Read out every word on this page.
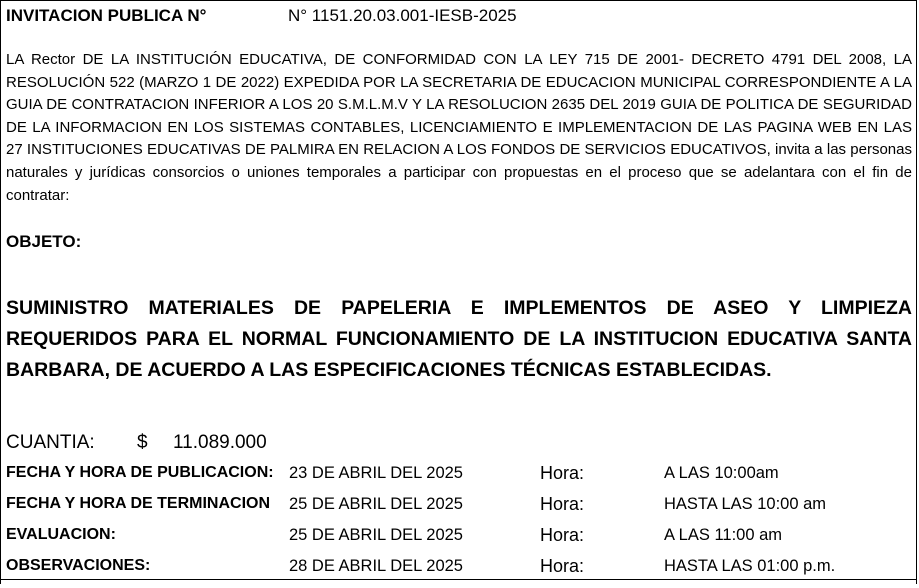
INVITACION PUBLICA N°	N° 1151.20.03.001-IESB-2025
LA Rector DE LA INSTITUCIÓN EDUCATIVA, DE CONFORMIDAD CON LA LEY 715 DE 2001- DECRETO 4791 DEL 2008, LA RESOLUCIÓN 522 (MARZO 1 DE 2022) EXPEDIDA POR LA SECRETARIA DE EDUCACION MUNICIPAL CORRESPONDIENTE A LA GUIA DE CONTRATACION INFERIOR A LOS 20 S.M.L.M.V Y LA RESOLUCION 2635 DEL 2019 GUIA DE POLITICA DE SEGURIDAD DE LA INFORMACION EN LOS SISTEMAS CONTABLES, LICENCIAMIENTO E IMPLEMENTACION DE LAS PAGINA WEB EN LAS 27 INSTITUCIONES EDUCATIVAS DE PALMIRA EN RELACION A LOS FONDOS DE SERVICIOS EDUCATIVOS, invita a las personas naturales y jurídicas consorcios o uniones temporales a participar con propuestas en el proceso que se adelantara con el fin de contratar:
OBJETO:
SUMINISTRO MATERIALES DE PAPELERIA E IMPLEMENTOS DE ASEO Y LIMPIEZA REQUERIDOS PARA EL NORMAL FUNCIONAMIENTO DE LA INSTITUCION EDUCATIVA SANTA BARBARA, DE ACUERDO A LAS ESPECIFICACIONES TÉCNICAS ESTABLECIDAS.
CUANTIA: $ 11.089.000
FECHA Y HORA DE PUBLICACION: 23 DE ABRIL DEL 2025	Hora:	A LAS 10:00am
FECHA Y HORA DE TERMINACION 25 DE ABRIL DEL 2025	Hora:	HASTA LAS 10:00 am
EVALUACION:	25 DE ABRIL DEL 2025	Hora:	A LAS 11:00 am
OBSERVACIONES:	28 DE ABRIL DEL 2025	Hora:	HASTA LAS 01:00 p.m.
